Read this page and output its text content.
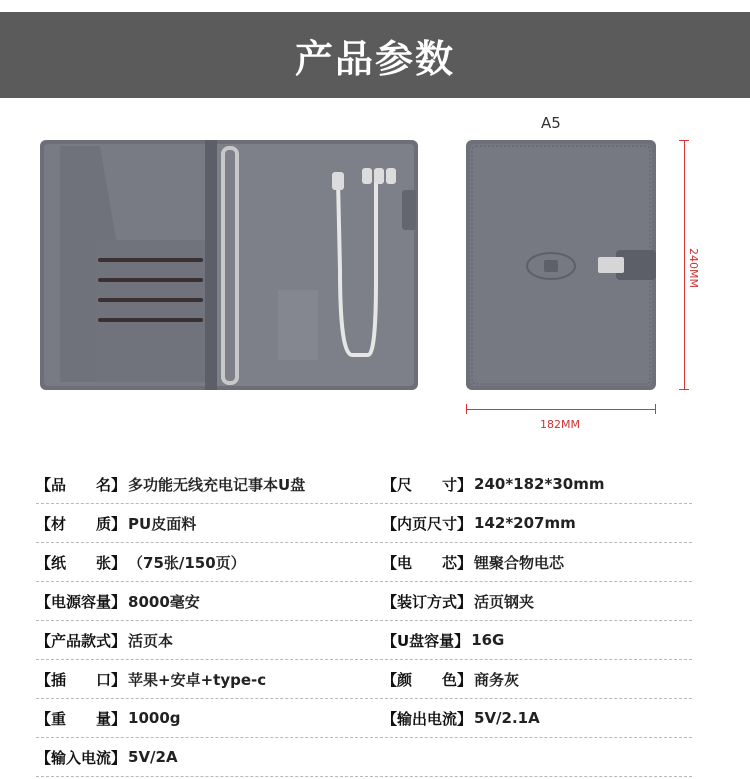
产品参数
A5
240MM
182MM
【品　　名】 多功能无线充电记事本U盘	【尺　　寸】 240*182*30mm
【材　　质】 PU皮面料	【内页尺寸】 142*207mm
【纸　　张】 （75张/150页）	【电　　芯】 锂聚合物电芯
【电源容量】 8000毫安	【装订方式】 活页钢夹
【产品款式】 活页本	【U盘容量】 16G
【插　　口】 苹果+安卓+type-c	【颜　　色】 商务灰
【重　　量】 1000g	【输出电流】 5V/2.1A
【输入电流】 5V/2A
